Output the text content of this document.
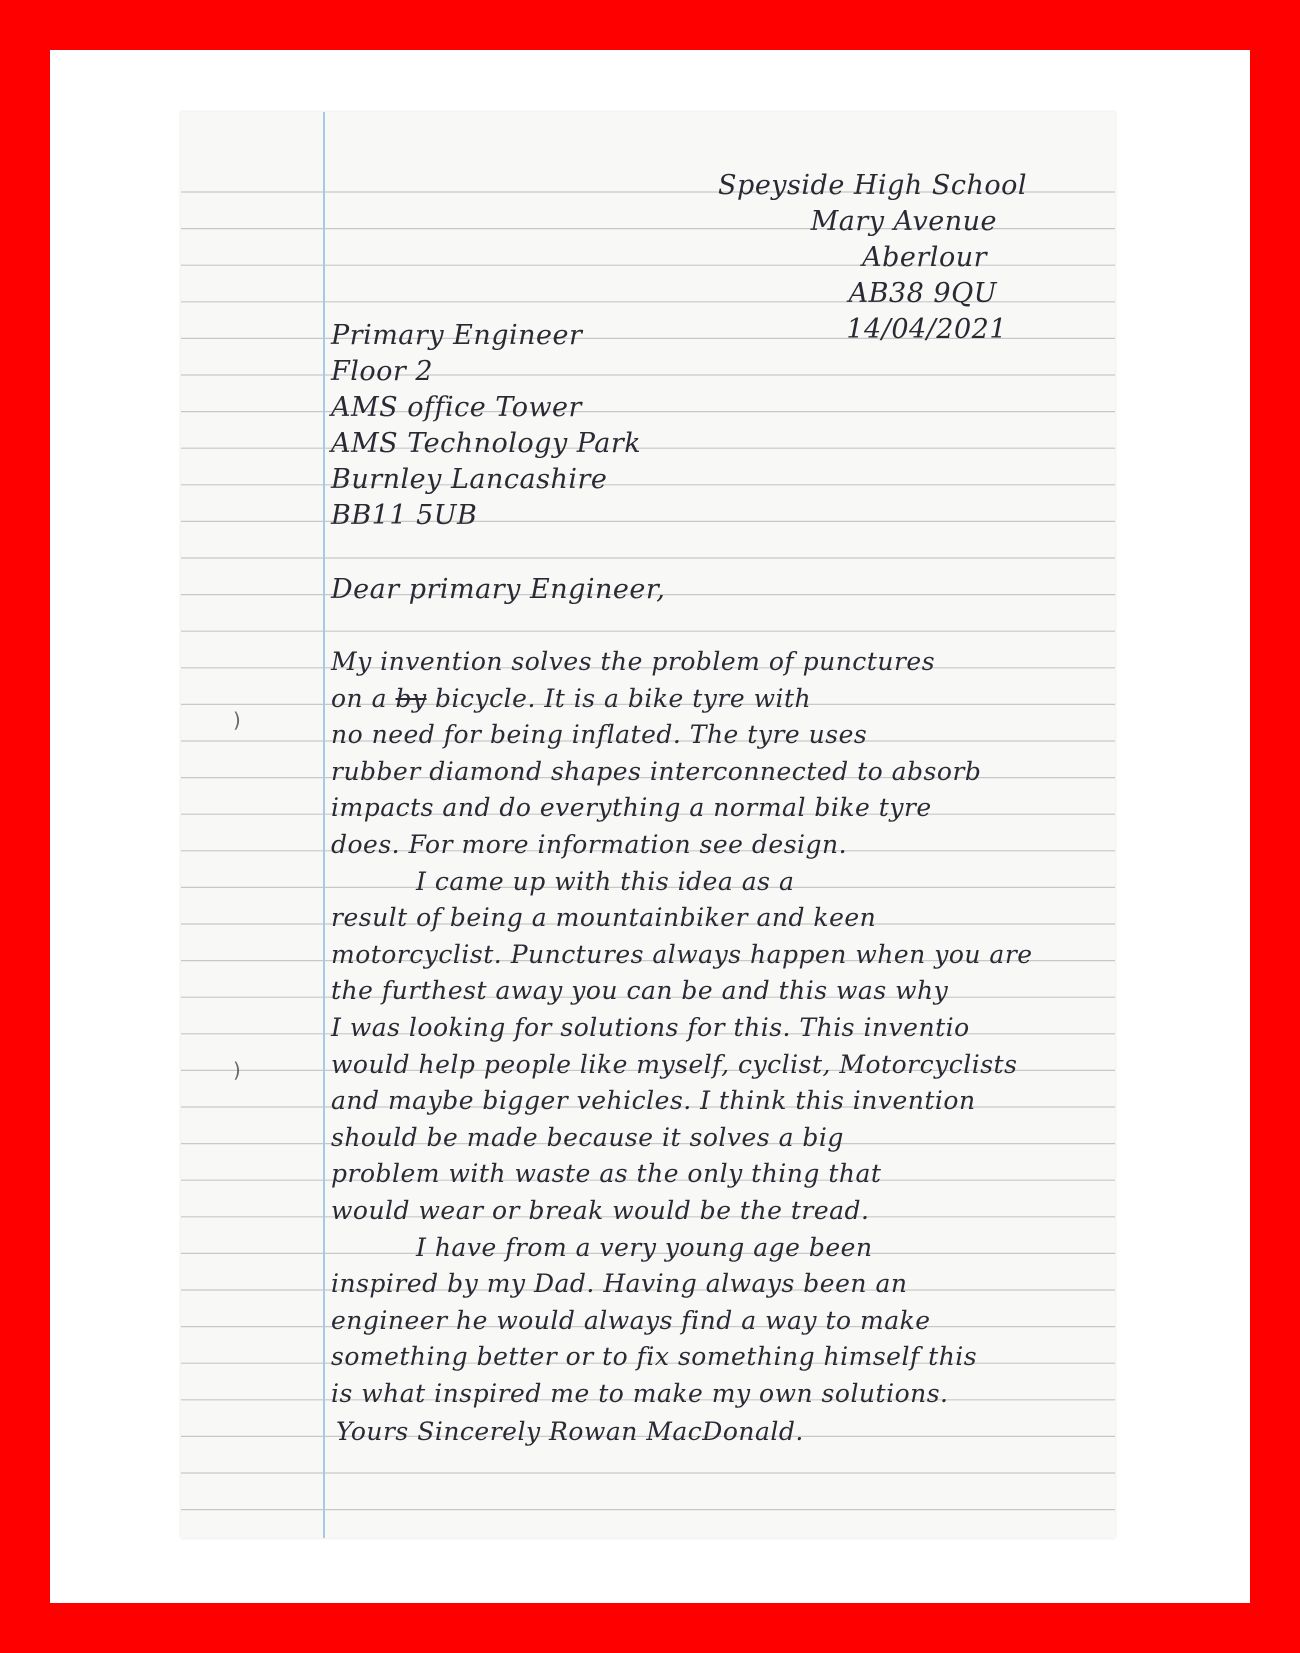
)
)
Speyside High School
Mary Avenue
Aberlour
AB38 9QU
14/04/2021
Primary Engineer
Floor 2
AMS office Tower
AMS Technology Park
Burnley Lancashire
BB11 5UB
Dear primary Engineer,
My invention solves the problem of punctures
on a by bicycle. It is a bike tyre with
no need for being inflated. The tyre uses
rubber diamond shapes interconnected to absorb
impacts and do everything a normal bike tyre
does. For more information see design.
I came up with this idea as a
result of being a mountainbiker and keen
motorcyclist. Punctures always happen when you are
the furthest away you can be and this was why
I was looking for solutions for this. This inventio
would help people like myself, cyclist, Motorcyclists
and maybe bigger vehicles. I think this invention
should be made because it solves a big
problem with waste as the only thing that
would wear or break would be the tread.
I have from a very young age been
inspired by my Dad. Having always been an
engineer he would always find a way to make
something better or to fix something himself this
is what inspired me to make my own solutions.
Yours Sincerely Rowan MacDonald.
